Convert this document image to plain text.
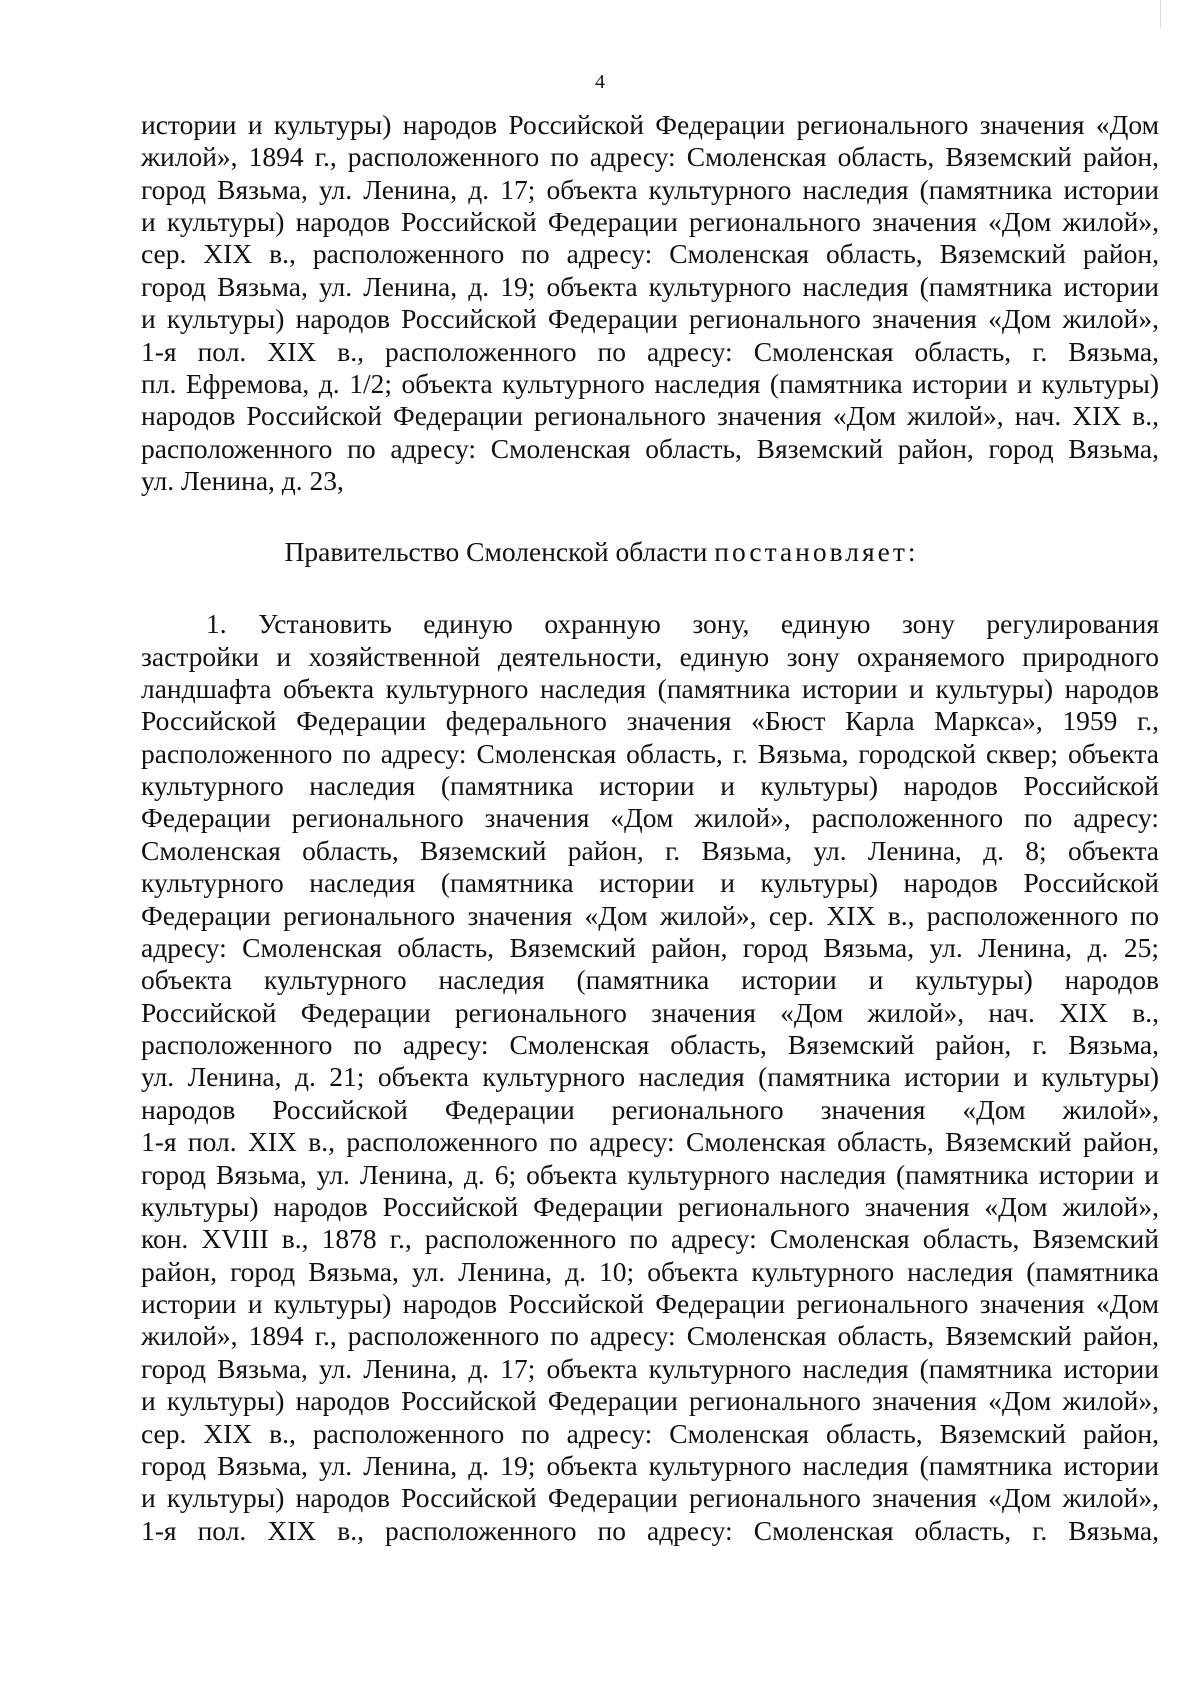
4
истории и культуры) народов Российской Федерации регионального значения «Дом
жилой», 1894 г., расположенного по адресу: Смоленская область, Вяземский район,
город Вязьма, ул. Ленина, д. 17; объекта культурного наследия (памятника истории
и культуры) народов Российской Федерации регионального значения «Дом жилой»,
сер. XIX в., расположенного по адресу: Смоленская область, Вяземский район,
город Вязьма, ул. Ленина, д. 19; объекта культурного наследия (памятника истории
и культуры) народов Российской Федерации регионального значения «Дом жилой»,
1-я пол. XIX в., расположенного по адресу: Смоленская область, г. Вязьма,
пл. Ефремова, д. 1/2; объекта культурного наследия (памятника истории и культуры)
народов Российской Федерации регионального значения «Дом жилой», нач. XIX в.,
расположенного по адресу: Смоленская область, Вяземский район, город Вязьма,
ул. Ленина, д. 23,
Правительство Смоленской области постановляет:
1. Установить единую охранную зону, единую зону регулирования
застройки и хозяйственной деятельности, единую зону охраняемого природного
ландшафта объекта культурного наследия (памятника истории и культуры) народов
Российской Федерации федерального значения «Бюст Карла Маркса», 1959 г.,
расположенного по адресу: Смоленская область, г. Вязьма, городской сквер; объекта
культурного наследия (памятника истории и культуры) народов Российской
Федерации регионального значения «Дом жилой», расположенного по адресу:
Смоленская область, Вяземский район, г. Вязьма, ул. Ленина, д. 8; объекта
культурного наследия (памятника истории и культуры) народов Российской
Федерации регионального значения «Дом жилой», сер. XIX в., расположенного по
адресу: Смоленская область, Вяземский район, город Вязьма, ул. Ленина, д. 25;
объекта культурного наследия (памятника истории и культуры) народов
Российской Федерации регионального значения «Дом жилой», нач. XIX в.,
расположенного по адресу: Смоленская область, Вяземский район, г. Вязьма,
ул. Ленина, д. 21; объекта культурного наследия (памятника истории и культуры)
народов Российской Федерации регионального значения «Дом жилой»,
1-я пол. XIX в., расположенного по адресу: Смоленская область, Вяземский район,
город Вязьма, ул. Ленина, д. 6; объекта культурного наследия (памятника истории и
культуры) народов Российской Федерации регионального значения «Дом жилой»,
кон. XVIII в., 1878 г., расположенного по адресу: Смоленская область, Вяземский
район, город Вязьма, ул. Ленина, д. 10; объекта культурного наследия (памятника
истории и культуры) народов Российской Федерации регионального значения «Дом
жилой», 1894 г., расположенного по адресу: Смоленская область, Вяземский район,
город Вязьма, ул. Ленина, д. 17; объекта культурного наследия (памятника истории
и культуры) народов Российской Федерации регионального значения «Дом жилой»,
сер. XIX в., расположенного по адресу: Смоленская область, Вяземский район,
город Вязьма, ул. Ленина, д. 19; объекта культурного наследия (памятника истории
и культуры) народов Российской Федерации регионального значения «Дом жилой»,
1-я пол. XIX в., расположенного по адресу: Смоленская область, г. Вязьма,
